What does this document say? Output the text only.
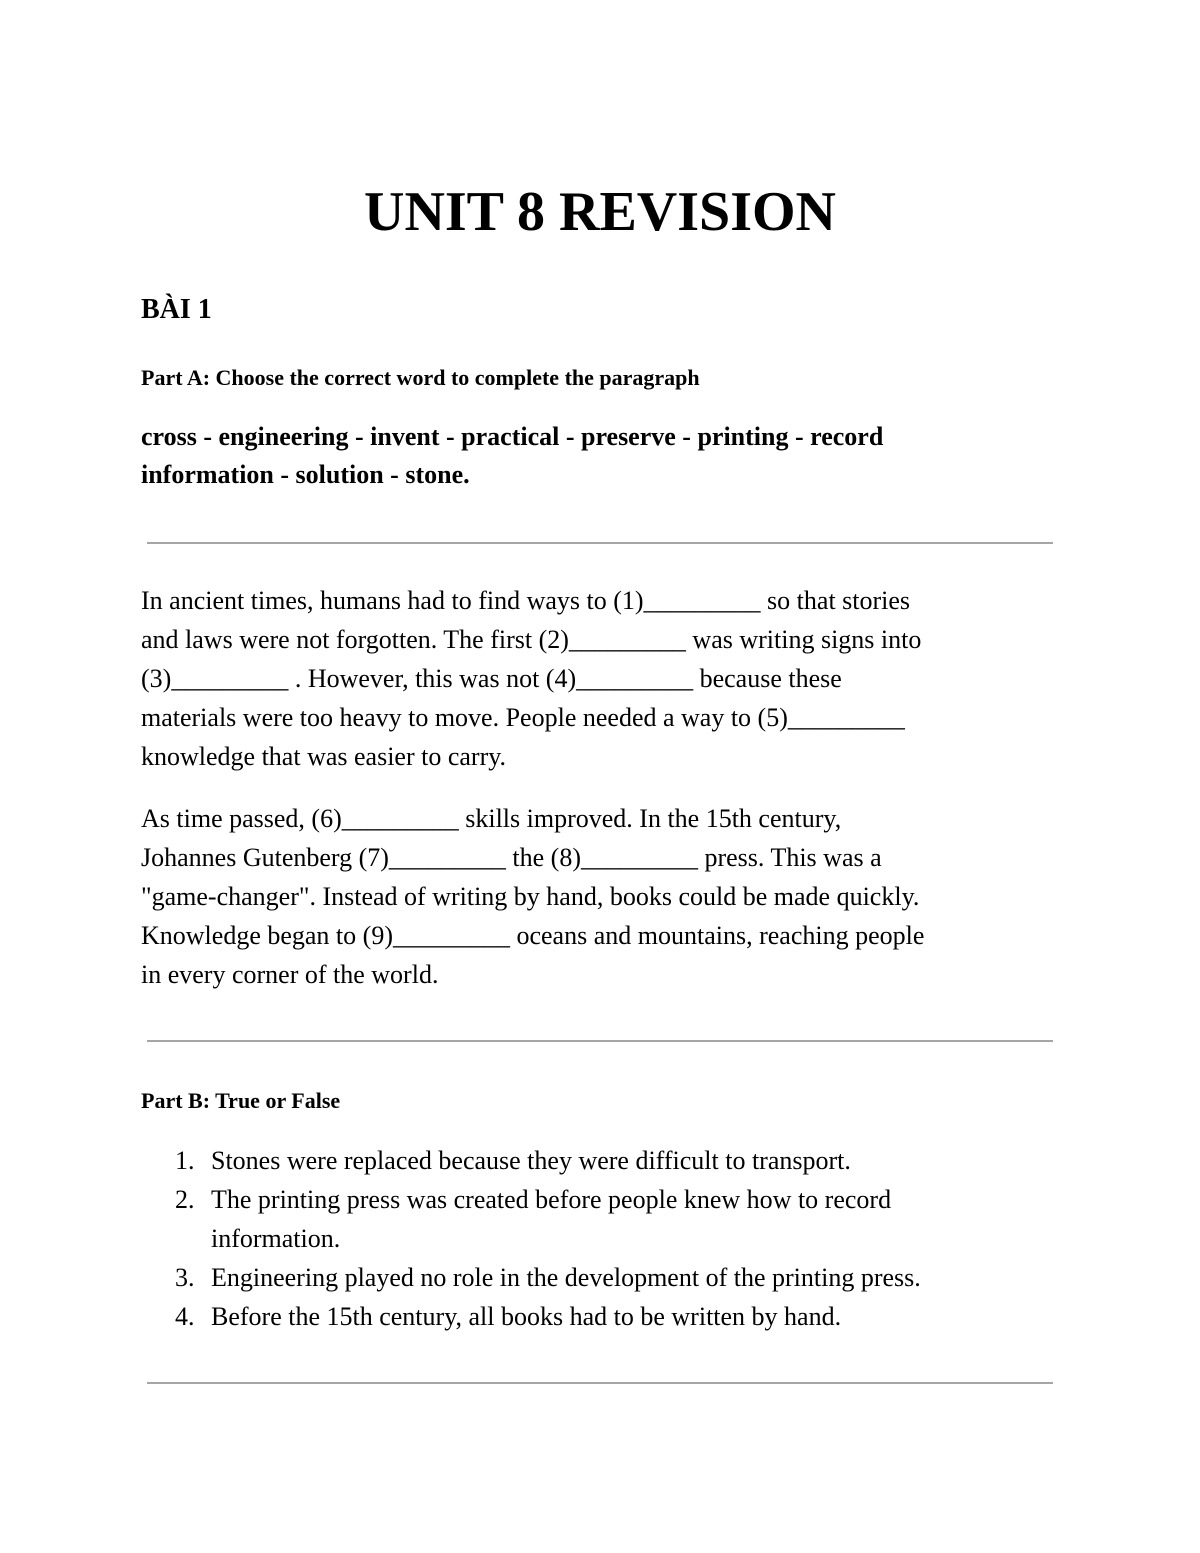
UNIT 8 REVISION
BÀI 1

Part A: Choose the correct word to complete the paragraph

cross - engineering - invent - practical - preserve - printing - record
information - solution - stone.

In ancient times, humans had to find ways to (1)_________ so that stories
and laws were not forgotten. The first (2)_________ was writing signs into
(3)_________ . However, this was not (4)_________ because these
materials were too heavy to move. People needed a way to (5)_________
knowledge that was easier to carry.

As time passed, (6)_________ skills improved. In the 15th century,
Johannes Gutenberg (7)_________ the (8)_________ press. This was a
"game-changer". Instead of writing by hand, books could be made quickly.
Knowledge began to (9)_________ oceans and mountains, reaching people
in every corner of the world.

Part B: True or False

1. Stones were replaced because they were difficult to transport.
2. The printing press was created before people knew how to record
information.
3. Engineering played no role in the development of the printing press.
4. Before the 15th century, all books had to be written by hand.
